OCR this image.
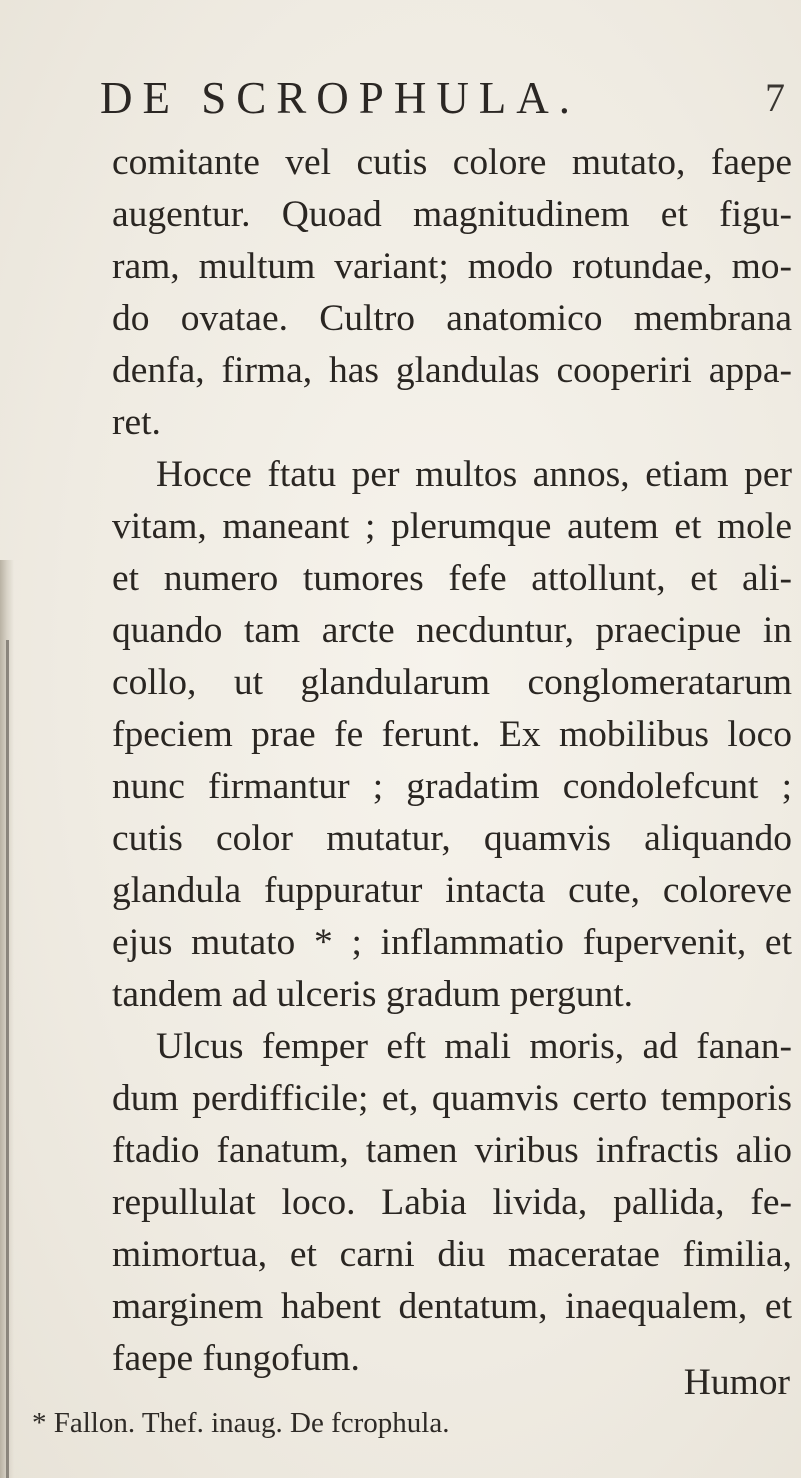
DE SCROPHULA.	7
comitante vel cutis colore mutato, faepe
augentur. Quoad magnitudinem et figu-
ram, multum variant; modo rotundae, mo-
do ovatae. Cultro anatomico membrana
denfa, firma, has glandulas cooperiri appa-
ret.
Hocce ftatu per multos annos, etiam per
vitam, maneant ; plerumque autem et mole
et numero tumores fefe attollunt, et ali-
quando tam arcte necduntur, praecipue in
collo, ut glandularum conglomeratarum
fpeciem prae fe ferunt. Ex mobilibus loco
nunc firmantur ; gradatim condolefcunt ;
cutis color mutatur, quamvis aliquando
glandula fuppuratur intacta cute, coloreve
ejus mutato * ; inflammatio fupervenit, et
tandem ad ulceris gradum pergunt.
Ulcus femper eft mali moris, ad fanan-
dum perdifficile; et, quamvis certo temporis
ftadio fanatum, tamen viribus infractis alio
repullulat loco. Labia livida, pallida, fe-
mimortua, et carni diu maceratae fimilia,
marginem habent dentatum, inaequalem, et
faepe fungofum.
Humor
* Fallon. Thef. inaug. De fcrophula.
